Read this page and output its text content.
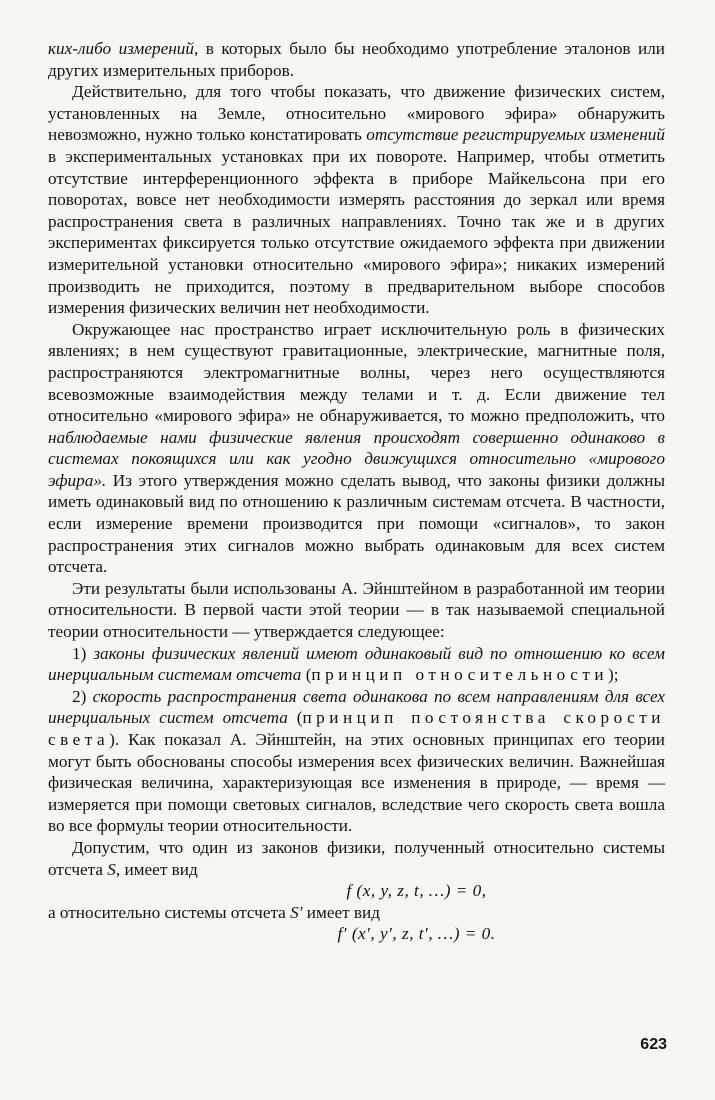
ких-либо измерений, в которых было бы необходимо употребление эталонов или других измерительных приборов.

Действительно, для того чтобы показать, что движение физических систем, установленных на Земле, относительно «мирового эфира» обнаружить невозможно, нужно только констатировать отсутствие регистрируемых изменений в экспериментальных установках при их повороте. Например, чтобы отметить отсутствие интерференционного эффекта в приборе Майкельсона при его поворотах, вовсе нет необходимости измерять расстояния до зеркал или время распространения света в различных направлениях. Точно так же и в других экспериментах фиксируется только отсутствие ожидаемого эффекта при движении измерительной установки относительно «мирового эфира»; никаких измерений производить не приходится, поэтому в предварительном выборе способов измерения физических величин нет необходимости.

Окружающее нас пространство играет исключительную роль в физических явлениях; в нем существуют гравитационные, электрические, магнитные поля, распространяются электромагнитные волны, через него осуществляются всевозможные взаимодействия между телами и т. д. Если движение тел относительно «мирового эфира» не обнаруживается, то можно предположить, что наблюдаемые нами физические явления происходят совершенно одинаково в системах покоящихся или как угодно движущихся относительно «мирового эфира». Из этого утверждения можно сделать вывод, что законы физики должны иметь одинаковый вид по отношению к различным системам отсчета. В частности, если измерение времени производится при помощи «сигналов», то закон распространения этих сигналов можно выбрать одинаковым для всех систем отсчета.

Эти результаты были использованы А. Эйнштейном в разработанной им теории относительности. В первой части этой теории — в так называемой специальной теории относительности — утверждается следующее:

1) законы физических явлений имеют одинаковый вид по отношению ко всем инерциальным системам отсчета (принцип относительности);

2) скорость распространения света одинакова по всем направлениям для всех инерциальных систем отсчета (принцип постоянства скорости света). Как показал А. Эйнштейн, на этих основных принципах его теории могут быть обоснованы способы измерения всех физических величин. Важнейшая физическая величина, характеризующая все изменения в природе, — время — измеряется при помощи световых сигналов, вследствие чего скорость света вошла во все формулы теории относительности.

Допустим, что один из законов физики, полученный относительно системы отсчета S, имеет вид

f (x, y, z, t, …) = 0,

а относительно системы отсчета S′ имеет вид

f′ (x′, y′, z, t′, …) = 0.

623
